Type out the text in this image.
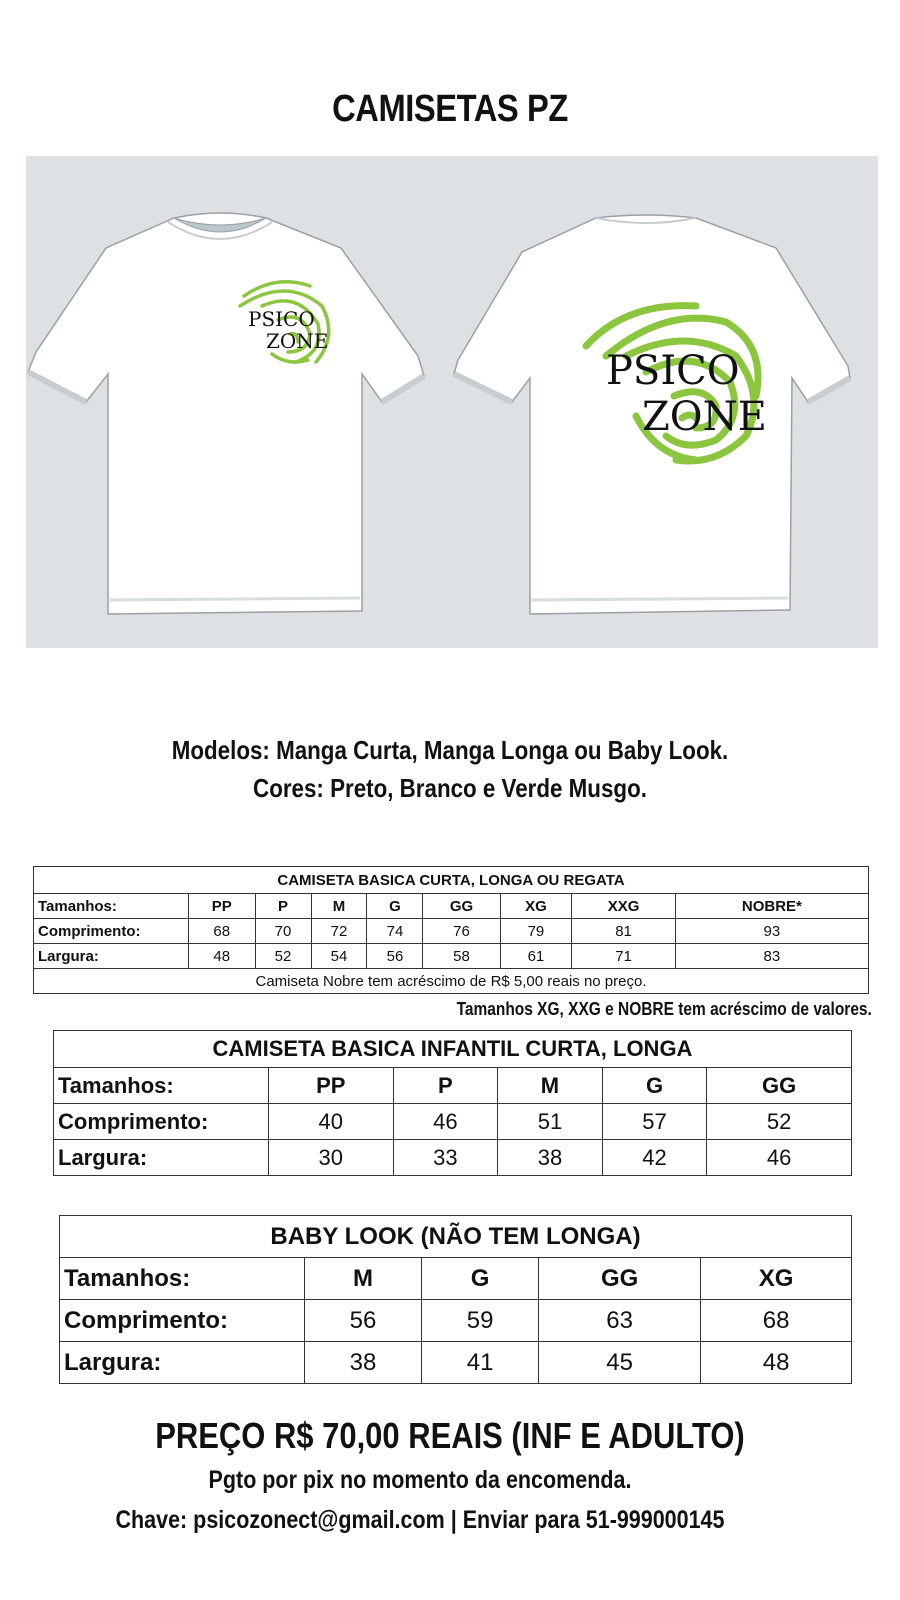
CAMISETAS PZ
PSICO
ZONE
PSICO
ZONE
Modelos: Manga Curta, Manga Longa ou Baby Look.
Cores: Preto, Branco e Verde Musgo.
CAMISETA BASICA CURTA, LONGA OU REGATA								
Tamanhos:	PP	P	M	G	GG	XG	XXG	NOBRE*
Comprimento:	68	70	72	74	76	79	81	93
Largura:	48	52	54	56	58	61	71	83
Camiseta Nobre tem acréscimo de R$ 5,00 reais no preço.								
Tamanhos XG, XXG e NOBRE tem acréscimo de valores.
CAMISETA BASICA INFANTIL CURTA, LONGA					
Tamanhos:	PP	P	M	G	GG
Comprimento:	40	46	51	57	52
Largura:	30	33	38	42	46
BABY LOOK (NÃO TEM LONGA)				
Tamanhos:	M	G	GG	XG
Comprimento:	56	59	63	68
Largura:	38	41	45	48
PREÇO R$ 70,00 REAIS (INF E ADULTO)
Pgto por pix no momento da encomenda.
Chave: psicozonect@gmail.com | Enviar para 51-999000145
